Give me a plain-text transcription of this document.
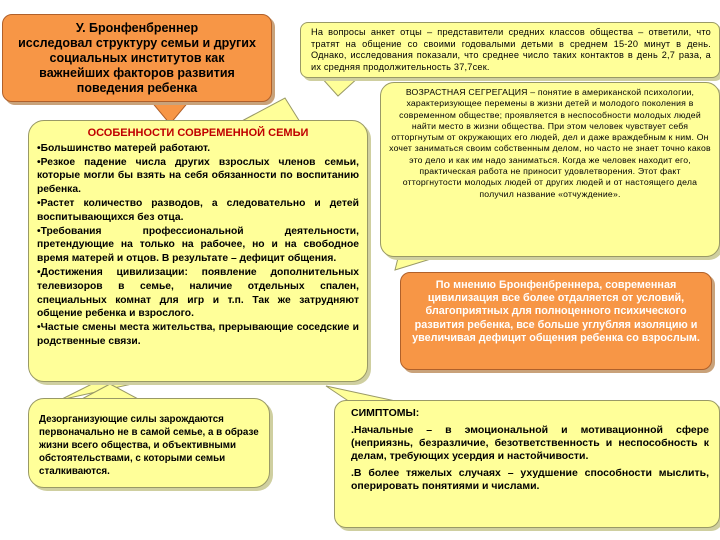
У. Бронфенбреннер
исследовал структуру семьи и других
социальных институтов как
важнейших факторов развития
поведения ребенка

На вопросы анкет отцы – представители средних классов общества – ответили, что тратят на общение со своими годовалыми детьми в среднем 15-20 минут в день. Однако, исследования показали, что среднее число таких контактов в день 2,7 раза, а их средняя продолжительность 37,7сек.

ВОЗРАСТНАЯ СЕГРЕГАЦИЯ – понятие в американской психологии, характеризующее перемены в жизни детей и молодого поколения в современном обществе; проявляется в неспособности молодых людей найти место в жизни общества. При этом человек чувствует себя отторгнутым от окружающих его людей, дел и даже враждебным к ним. Он хочет заниматься своим собственным делом, но часто не знает точно каков это дело и как им надо заниматься. Когда же человек находит его, практическая работа не приносит удовлетворения. Этот факт отторгнутости молодых людей от других людей и от настоящего дела получил название «отчуждение».

ОСОБЕННОСТИ СОВРЕМЕННОЙ СЕМЬИ

•Большинство матерей работают.

•Резкое падение числа других взрослых членов семьи, которые могли бы взять на себя обязанности по воспитанию ребенка.

•Растет количество разводов, а следовательно и детей воспитывающихся без отца.

•Требования профессиональной деятельности, претендующие на только на рабочее, но и на свободное время матерей и отцов. В результате – дефицит общения.

•Достижения цивилизации: появление дополнительных телевизоров в семье, наличие отдельных спален, специальных комнат для игр и т.п. Так же затрудняют общение ребенка и взрослого.

•Частые смены места жительства, прерывающие соседские и родственные связи.

По мнению Бронфенбреннера, современная цивилизация все более отдаляется от условий, благоприятных для полноценного психического развития ребенка, все больше углубляя изоляцию и увеличивая дефицит общения ребенка со взрослым.

Дезорганизующие силы зарождаются первоначально не в самой семье, а в образе жизни всего общества, и объективными обстоятельствами, с которыми семьи сталкиваются.

СИМПТОМЫ:

.Начальные – в эмоциональной и мотивационной сфере (неприязнь, безразличие, безответственность и неспособность к делам, требующих усердия и настойчивости.

.В более тяжелых случаях – ухудшение способности мыслить, оперировать понятиями и числами.
